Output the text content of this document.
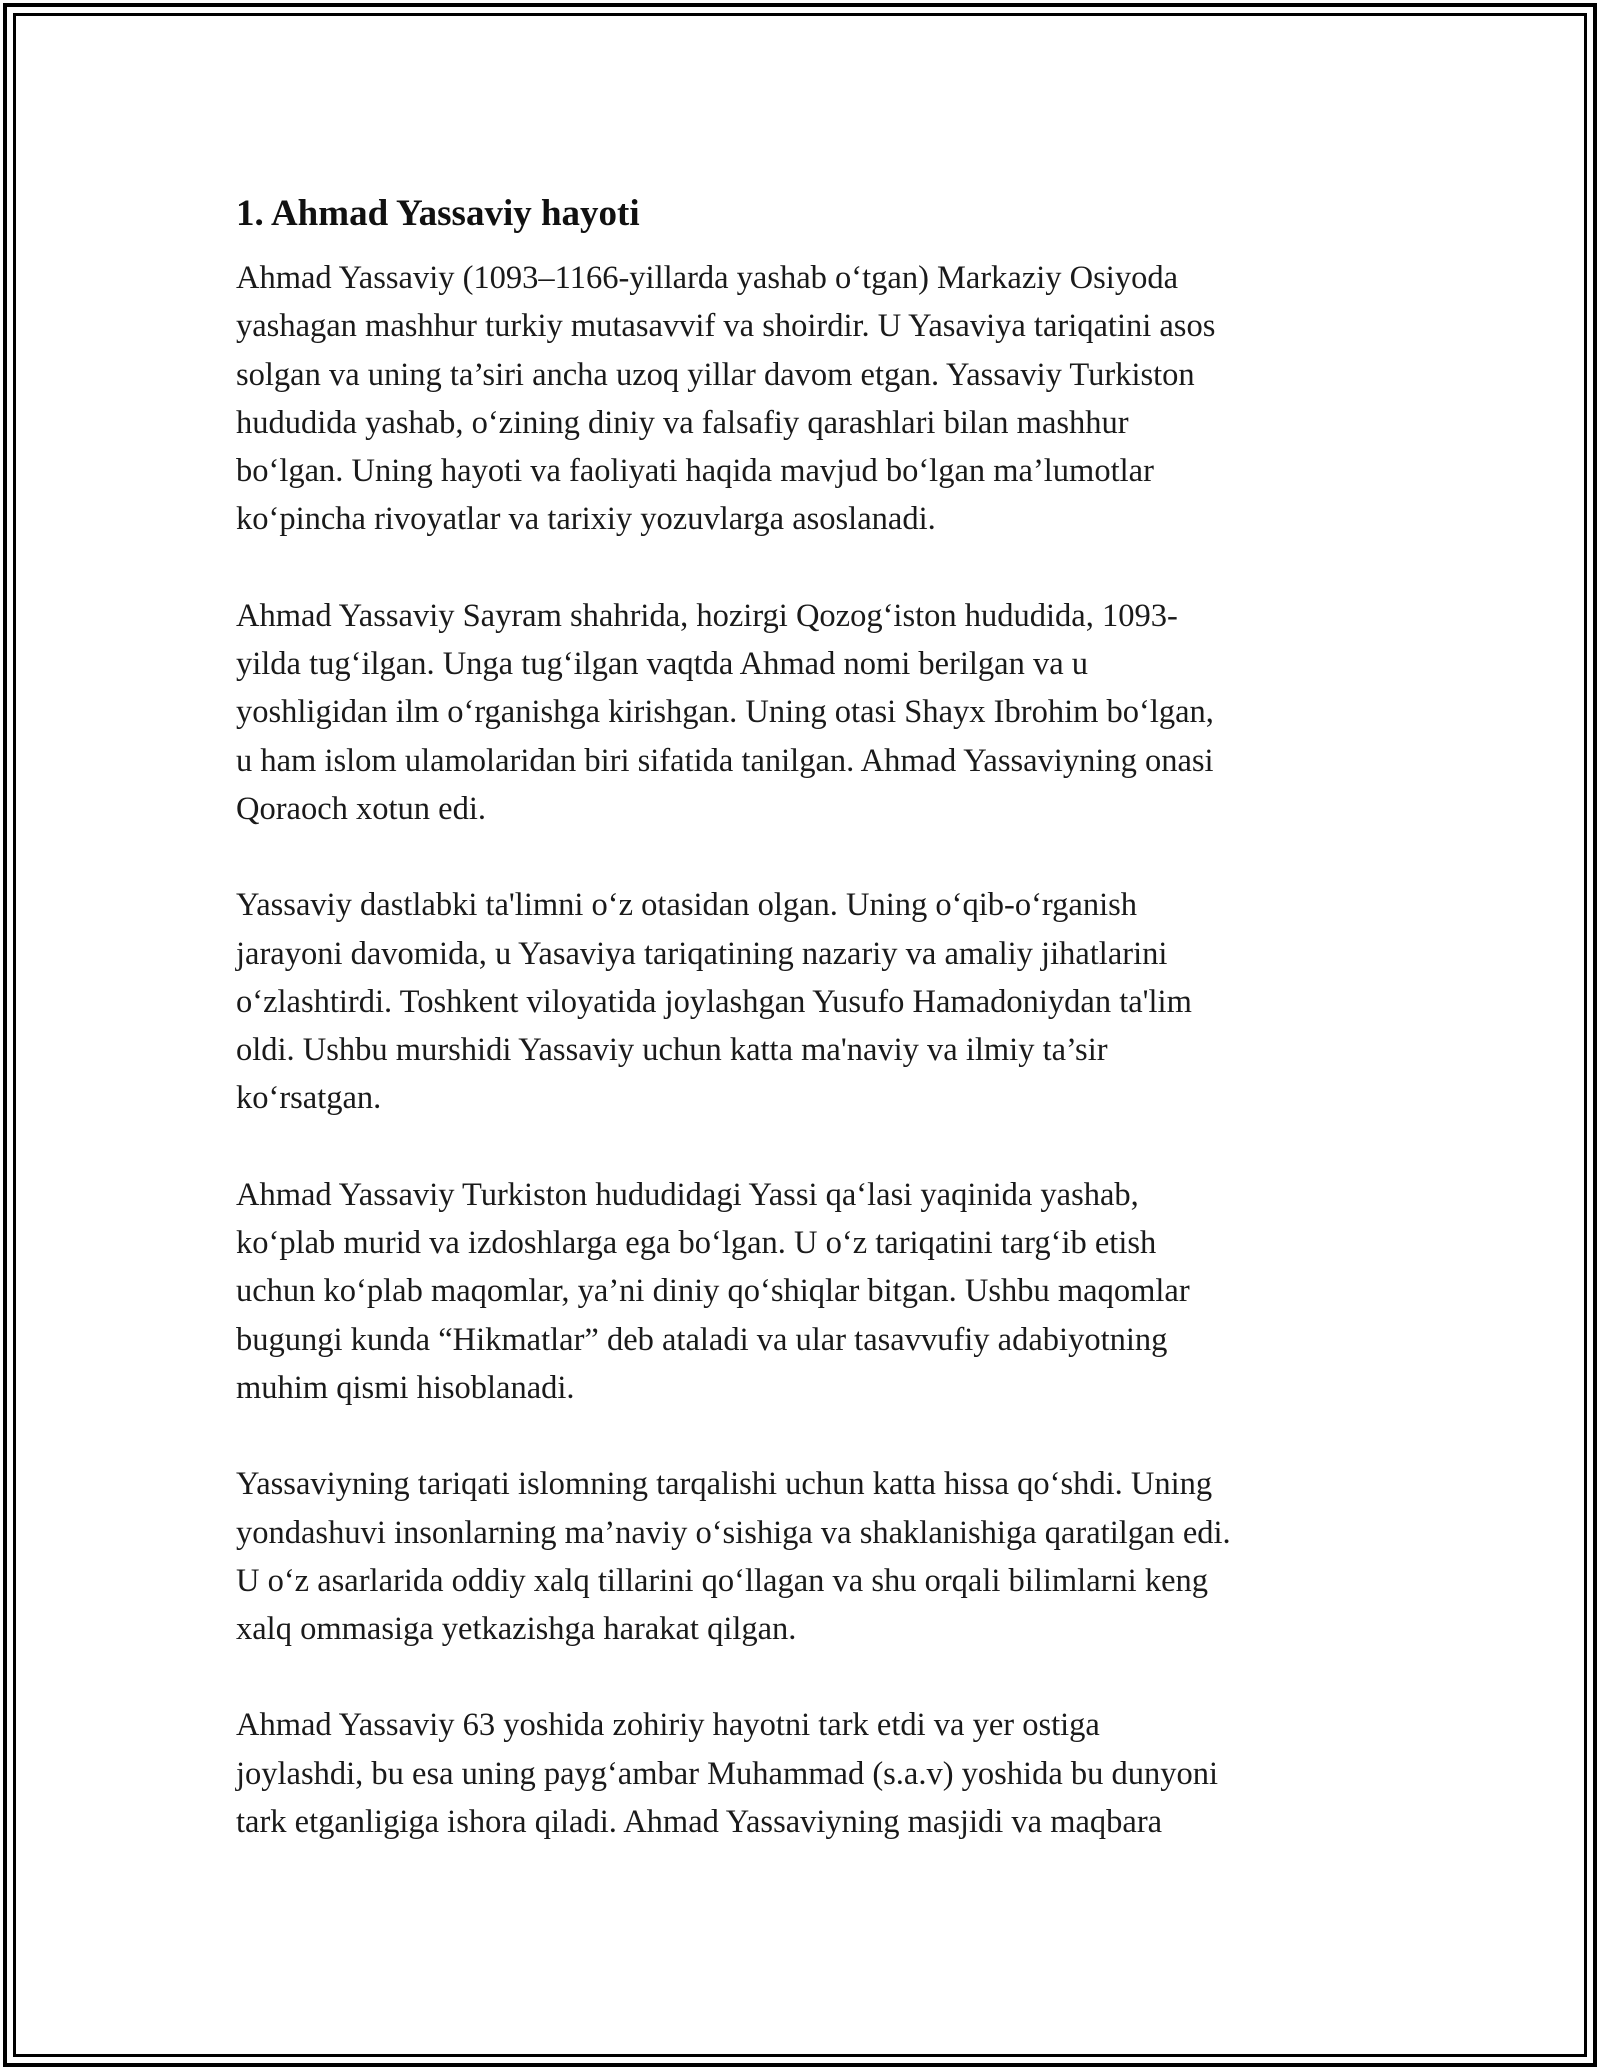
1. Ahmad Yassaviy hayoti

Ahmad Yassaviy (1093–1166-yillarda yashab o‘tgan) Markaziy Osiyoda
yashagan mashhur turkiy mutasavvif va shoirdir. U Yasaviya tariqatini asos
solgan va uning ta’siri ancha uzoq yillar davom etgan. Yassaviy Turkiston
hududida yashab, o‘zining diniy va falsafiy qarashlari bilan mashhur
bo‘lgan. Uning hayoti va faoliyati haqida mavjud bo‘lgan ma’lumotlar
ko‘pincha rivoyatlar va tarixiy yozuvlarga asoslanadi.

Ahmad Yassaviy Sayram shahrida, hozirgi Qozog‘iston hududida, 1093-
yilda tug‘ilgan. Unga tug‘ilgan vaqtda Ahmad nomi berilgan va u
yoshligidan ilm o‘rganishga kirishgan. Uning otasi Shayx Ibrohim bo‘lgan,
u ham islom ulamolaridan biri sifatida tanilgan. Ahmad Yassaviyning onasi
Qoraoch xotun edi.

Yassaviy dastlabki ta'limni o‘z otasidan olgan. Uning o‘qib-o‘rganish
jarayoni davomida, u Yasaviya tariqatining nazariy va amaliy jihatlarini
o‘zlashtirdi. Toshkent viloyatida joylashgan Yusufo Hamadoniydan ta'lim
oldi. Ushbu murshidi Yassaviy uchun katta ma'naviy va ilmiy ta’sir
ko‘rsatgan.

Ahmad Yassaviy Turkiston hududidagi Yassi qa‘lasi yaqinida yashab,
ko‘plab murid va izdoshlarga ega bo‘lgan. U o‘z tariqatini targ‘ib etish
uchun ko‘plab maqomlar, ya’ni diniy qo‘shiqlar bitgan. Ushbu maqomlar
bugungi kunda “Hikmatlar” deb ataladi va ular tasavvufiy adabiyotning
muhim qismi hisoblanadi.

Yassaviyning tariqati islomning tarqalishi uchun katta hissa qo‘shdi. Uning
yondashuvi insonlarning ma’naviy o‘sishiga va shaklanishiga qaratilgan edi.
U o‘z asarlarida oddiy xalq tillarini qo‘llagan va shu orqali bilimlarni keng
xalq ommasiga yetkazishga harakat qilgan.

Ahmad Yassaviy 63 yoshida zohiriy hayotni tark etdi va yer ostiga
joylashdi, bu esa uning payg‘ambar Muhammad (s.a.v) yoshida bu dunyoni
tark etganligiga ishora qiladi. Ahmad Yassaviyning masjidi va maqbara
